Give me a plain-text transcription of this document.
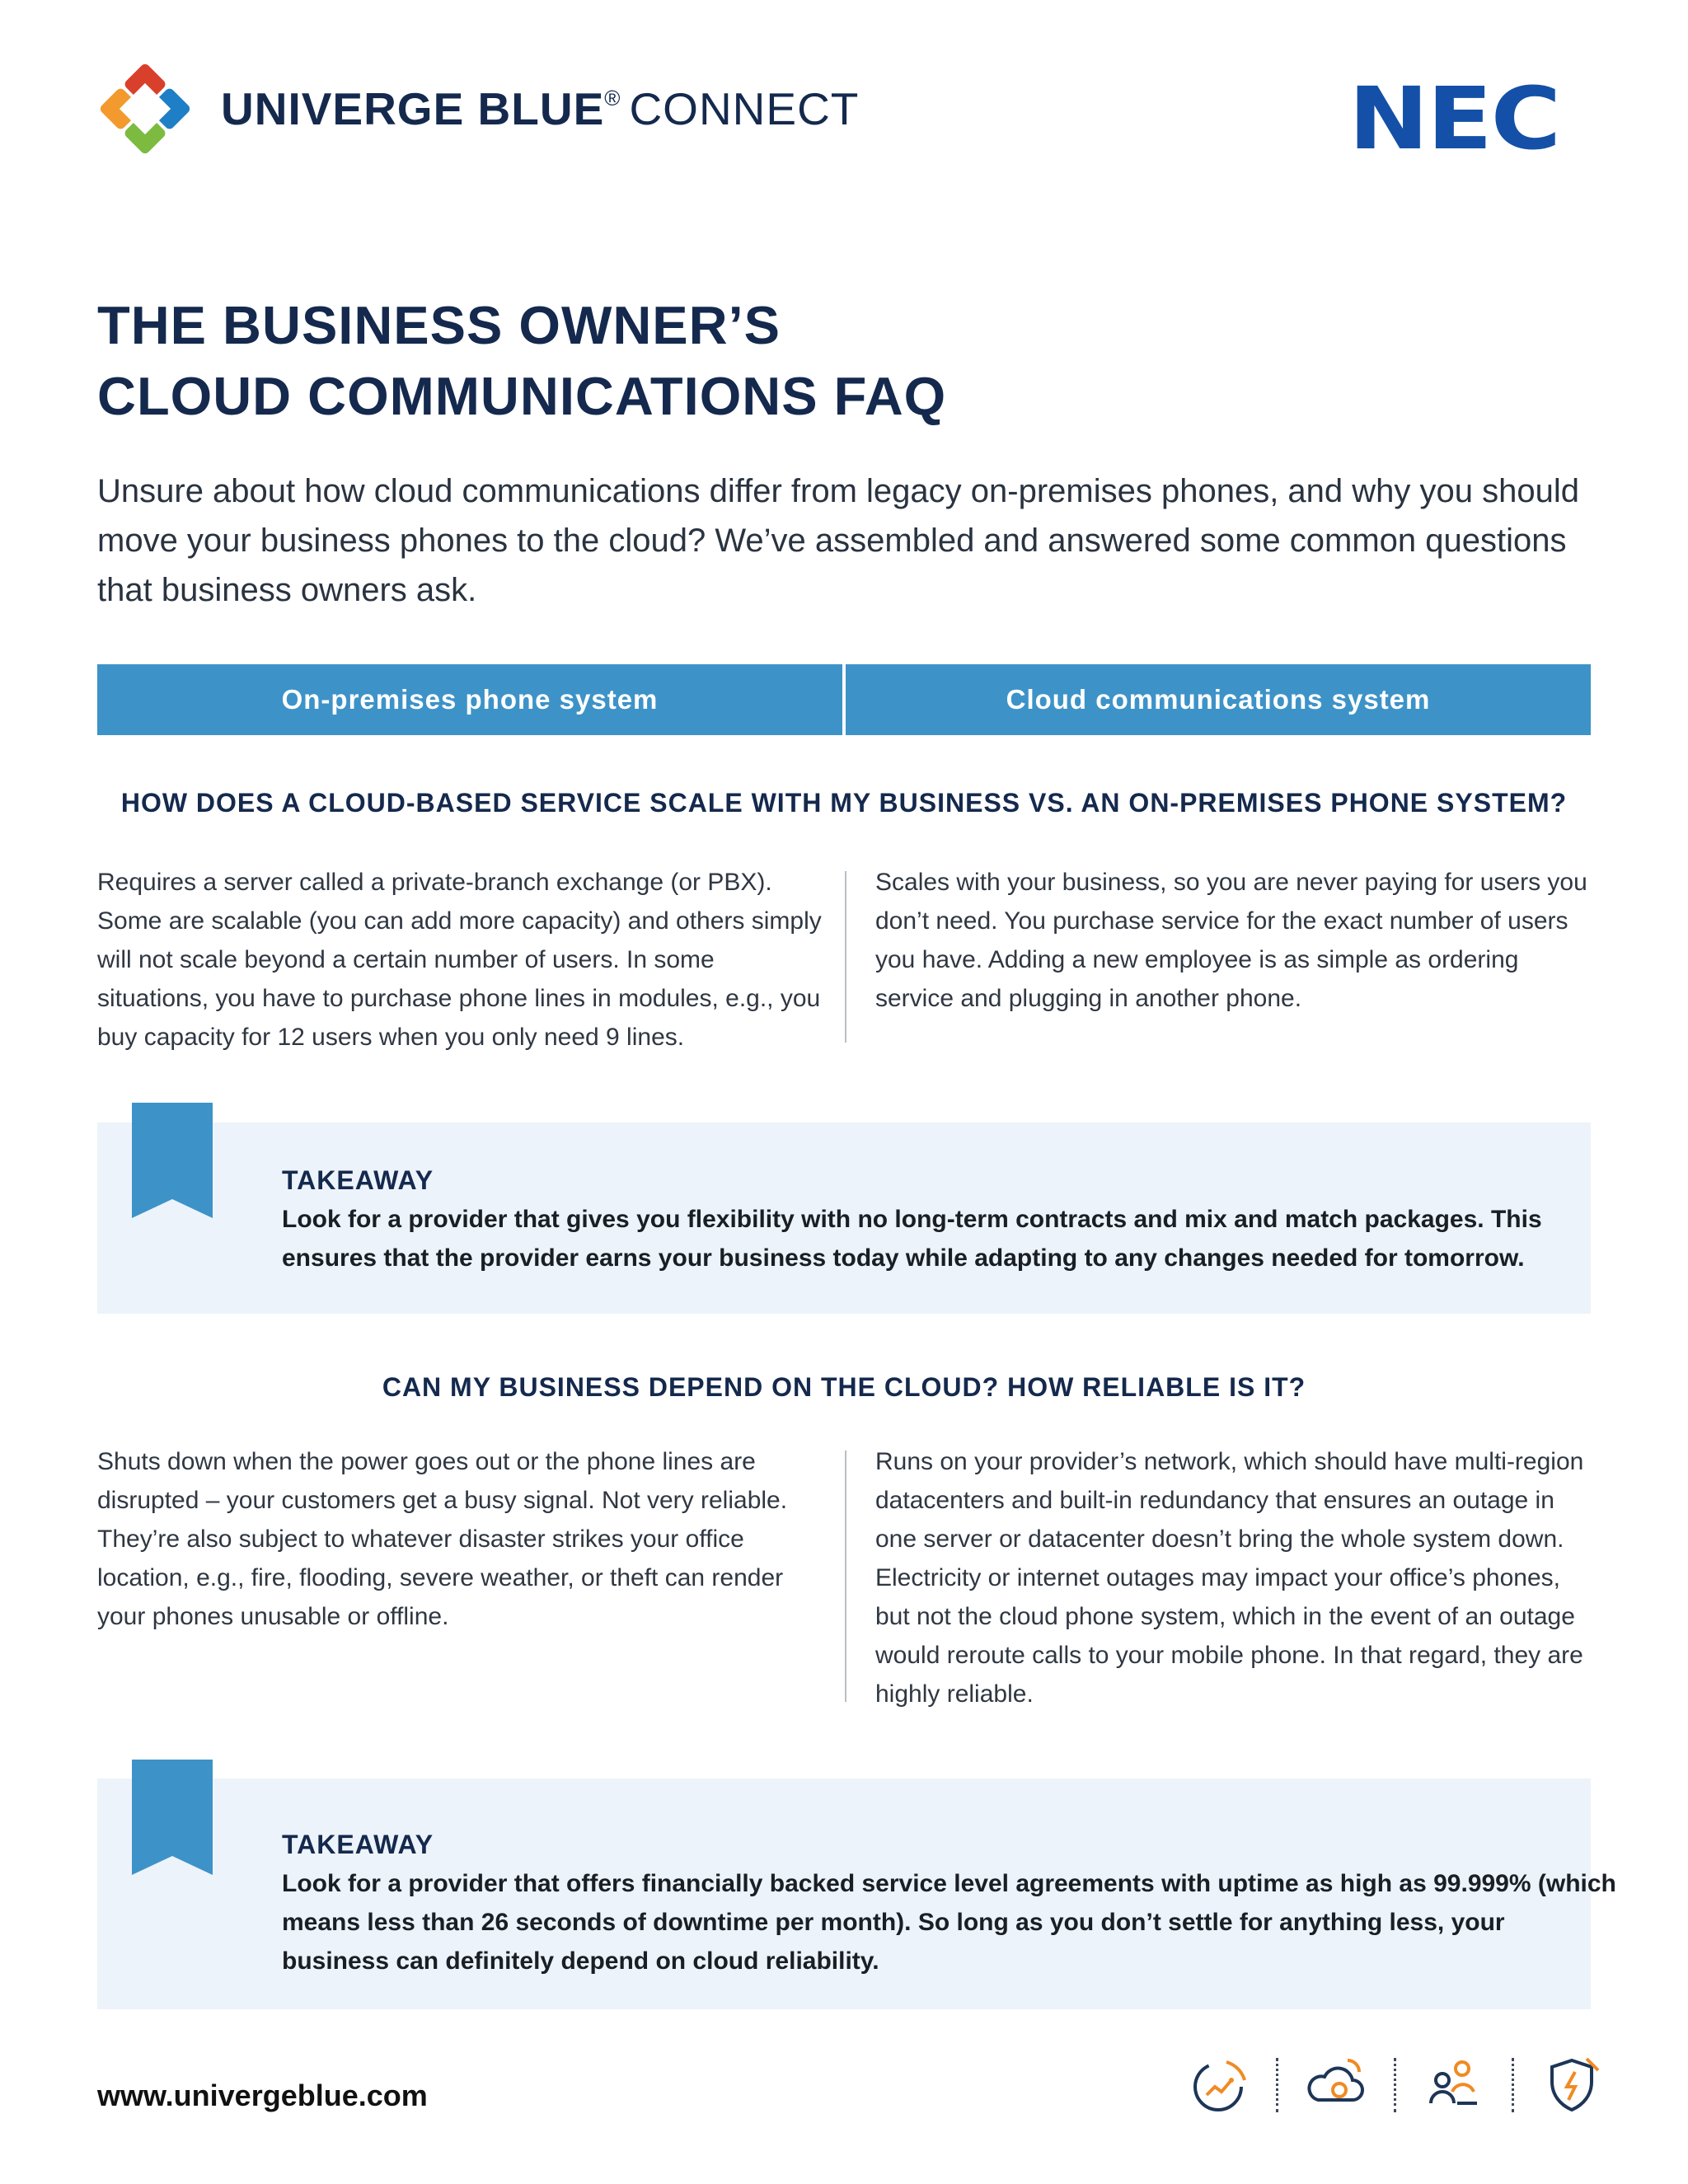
UNIVERGE BLUE® CONNECT	NEC
THE BUSINESS OWNER’S
CLOUD COMMUNICATIONS FAQ
Unsure about how cloud communications differ from legacy on-premises phones, and why you should move your business phones to the cloud? We’ve assembled and answered some common questions that business owners ask.
On-premises phone system	Cloud communications system
HOW DOES A CLOUD-BASED SERVICE SCALE WITH MY BUSINESS VS. AN ON-PREMISES PHONE SYSTEM?
Requires a server called a private-branch exchange (or PBX). Some are scalable (you can add more capacity) and others simply will not scale beyond a certain number of users. In some situations, you have to purchase phone lines in modules, e.g., you buy capacity for 12 users when you only need 9 lines.
Scales with your business, so you are never paying for users you don’t need. You purchase service for the exact number of users you have. Adding a new employee is as simple as ordering service and plugging in another phone.
TAKEAWAY
Look for a provider that gives you flexibility with no long-term contracts and mix and match packages. This ensures that the provider earns your business today while adapting to any changes needed for tomorrow.
CAN MY BUSINESS DEPEND ON THE CLOUD? HOW RELIABLE IS IT?
Shuts down when the power goes out or the phone lines are disrupted – your customers get a busy signal. Not very reliable. They’re also subject to whatever disaster strikes your office location, e.g., fire, flooding, severe weather, or theft can render your phones unusable or offline.
Runs on your provider’s network, which should have multi-region datacenters and built-in redundancy that ensures an outage in one server or datacenter doesn’t bring the whole system down. Electricity or internet outages may impact your office’s phones, but not the cloud phone system, which in the event of an outage would reroute calls to your mobile phone. In that regard, they are highly reliable.
TAKEAWAY
Look for a provider that offers financially backed service level agreements with uptime as high as 99.999% (which means less than 26 seconds of downtime per month). So long as you don’t settle for anything less, your business can definitely depend on cloud reliability.
www.univergeblue.com
